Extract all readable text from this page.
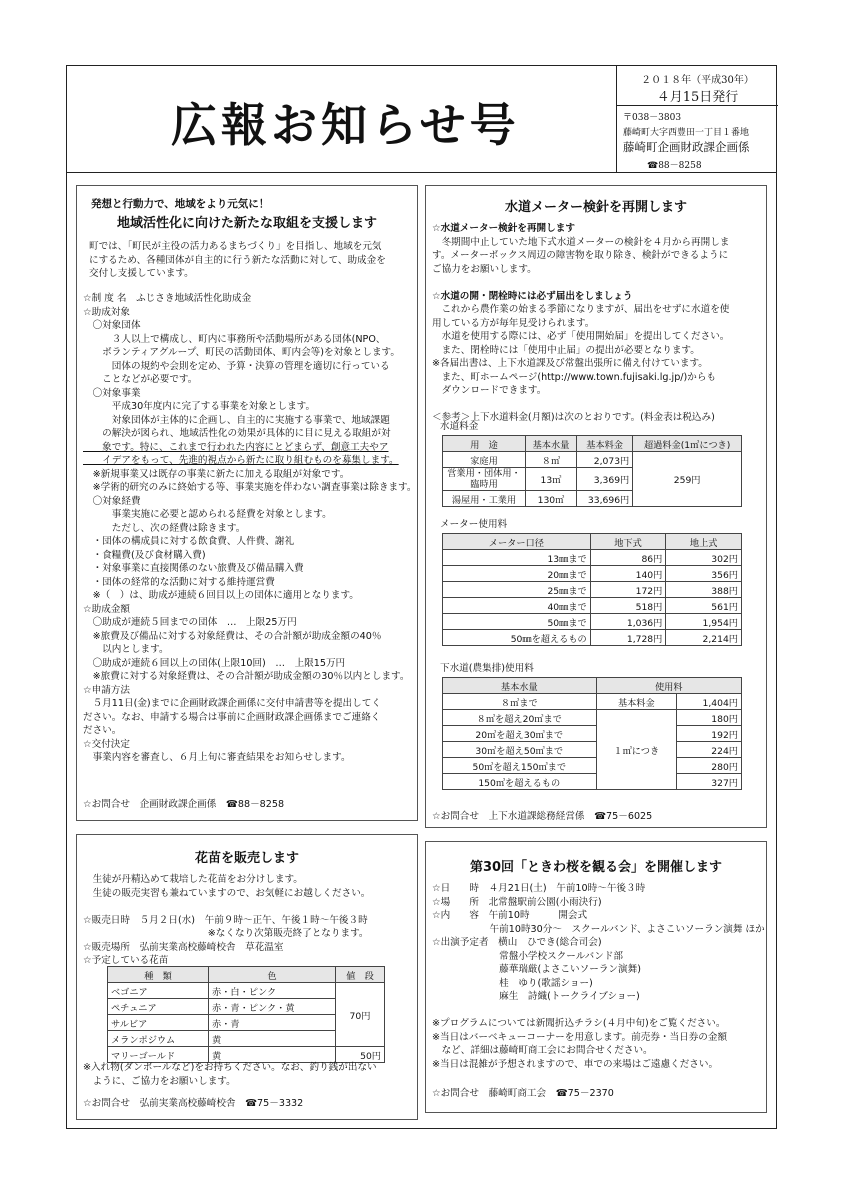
広報お知らせ号
２０１８年（平成30年）
４月15日発行
〒038－3803
藤崎町大字西豊田一丁目１番地
藤崎町企画財政課企画係
☎88－8258
発想と行動力で、地域をより元気に！
地域活性化に向けた新たな取組を支援します

町では、「町民が主役の活力あるまちづくり」を目指し、地域を元気

にするため、各種団体が自主的に行う新たな活動に対して、助成金を

交付し支援しています。

☆制 度 名　ふじさき地域活性化助成金

☆助成対象

　〇対象団体

　　　３人以上で構成し、町内に事務所や活動場所がある団体(NPO、

　　ボランティアグループ、町民の活動団体、町内会等)を対象とします。

　　　団体の規約や会則を定め、予算・決算の管理を適切に行っている

　　ことなどが必要です。

　〇対象事業

　　　平成30年度内に完了する事業を対象とします。

　　　対象団体が主体的に企画し、自主的に実施する事業で、地域課題

　　の解決が図られ、地域活性化の効果が具体的に目に見える取組が対

　　象です。特に、これまで行われた内容にとどまらず、創意工夫やア

　　イデアをもって、先進的視点から新たに取り組むものを募集します。

　※新規事業又は既存の事業に新たに加える取組が対象です。

　※学術的研究のみに終始する等、事業実施を伴わない調査事業は除きます。

　〇対象経費

　　　事業実施に必要と認められる経費を対象とします。

　　　ただし、次の経費は除きます。

　・団体の構成員に対する飲食費、人件費、謝礼

　・食糧費(及び食材購入費)

　・対象事業に直接関係のない旅費及び備品購入費

　・団体の経常的な活動に対する維持運営費

　※（　）は、助成が連続６回目以上の団体に適用となります。

☆助成金額

　〇助成が連続５回までの団体　…　上限25万円

　※旅費及び備品に対する対象経費は、その合計額が助成金額の40％

　　以内とします。

　〇助成が連続６回以上の団体(上限10回)　…　上限15万円

　※旅費に対する対象経費は、その合計額が助成金額の30％以内とします。

☆申請方法

　５月11日(金)までに企画財政課企画係に交付申請書等を提出してく

ださい。なお、申請する場合は事前に企画財政課企画係までご連絡く

ださい。

☆交付決定

　事業内容を審査し、６月上旬に審査結果をお知らせします。

☆お問合せ　企画財政課企画係　☎88－8258
水道メーター検針を再開します

☆水道メーター検針を再開します

　冬期間中止していた地下式水道メーターの検針を４月から再開しま

す。メーターボックス周辺の障害物を取り除き、検針ができるように

ご協力をお願いします。

☆水道の開・閉栓時には必ず届出をしましょう

　これから農作業の始まる季節になりますが、届出をせずに水道を使

用している方が毎年見受けられます。

　水道を使用する際には、必ず「使用開始届」を提出してください。

　また、閉栓時には「使用中止届」の提出が必要となります。

※各届出書は、上下水道課及び常盤出張所に備え付けています。

　また、町ホームページ(http://www.town.fujisaki.lg.jp/)からも

　ダウンロードできます。

＜参考＞上下水道料金(月額)は次のとおりです。(料金表は税込み)

水道料金
用　途	基本水量	基本料金	超過料金(1㎥につき)
家庭用	８㎥	2,073円	259円
営業用・団体用・臨時用	13㎥	3,369円	
湯屋用・工業用	130㎥	33,696円	
メーター使用料
メーター口径	地下式	地上式
13㎜まで	86円	302円
20㎜まで	140円	356円
25㎜まで	172円	388円
40㎜まで	518円	561円
50㎜まで	1,036円	1,954円
50㎜を超えるもの	1,728円	2,214円
下水道(農集排)使用料
基本水量	使用料	
８㎥まで	基本料金	1,404円
８㎥を超え20㎥まで	１㎥につき	180円
20㎥を超え30㎥まで		192円
30㎥を超え50㎥まで		224円
50㎥を超え150㎥まで		280円
150㎥を超えるもの		327円
☆お問合せ　上下水道課総務経営係　☎75－6025
花苗を販売します

　生徒が丹精込めて栽培した花苗をお分けします。

　生徒の販売実習も兼ねていますので、お気軽にお越しください。

☆販売日時　５月２日(水)　午前９時～正午、午後１時～午後３時

　　　　　　　　　　　　　※なくなり次第販売終了となります。

☆販売場所　弘前実業高校藤崎校舎　草花温室

☆予定している花苗

種　類	色	値　段
ベゴニア	赤・白・ピンク	70円
ペチュニア	赤・青・ピンク・黄	
サルビア	赤・青	
メランポジウム	黄	
マリーゴールド	黄	50円

※入れ物(ダンボールなど)をお持ちください。なお、釣り銭が出ない

　ように、ご協力をお願いします。

☆お問合せ　弘前実業高校藤崎校舎　☎75－3332
第30回「ときわ桜を観る会」を開催します

☆日　　時　４月21日(土)　午前10時～午後３時

☆場　　所　北常盤駅前公園(小雨決行)

☆内　　容　午前10時　　　開会式

　　　　　　午前10時30分～　スクールバンド、よさこいソーラン演舞 ほか

☆出演予定者　横山　ひでき(総合司会)

　　　　　　　常盤小学校スクールバンド部

　　　　　　　藤華瑞厳(よさこいソーラン演舞)

　　　　　　　桂　ゆり(歌謡ショー)

　　　　　　　麻生　詩織(トークライブショー)

※プログラムについては新聞折込チラシ(４月中旬)をご覧ください。

※当日はバーベキューコーナーを用意します。前売券・当日券の金額

　など、詳細は藤崎町商工会にお問合せください。

※当日は混雑が予想されますので、車での来場はご遠慮ください。

☆お問合せ　藤崎町商工会　☎75－2370
